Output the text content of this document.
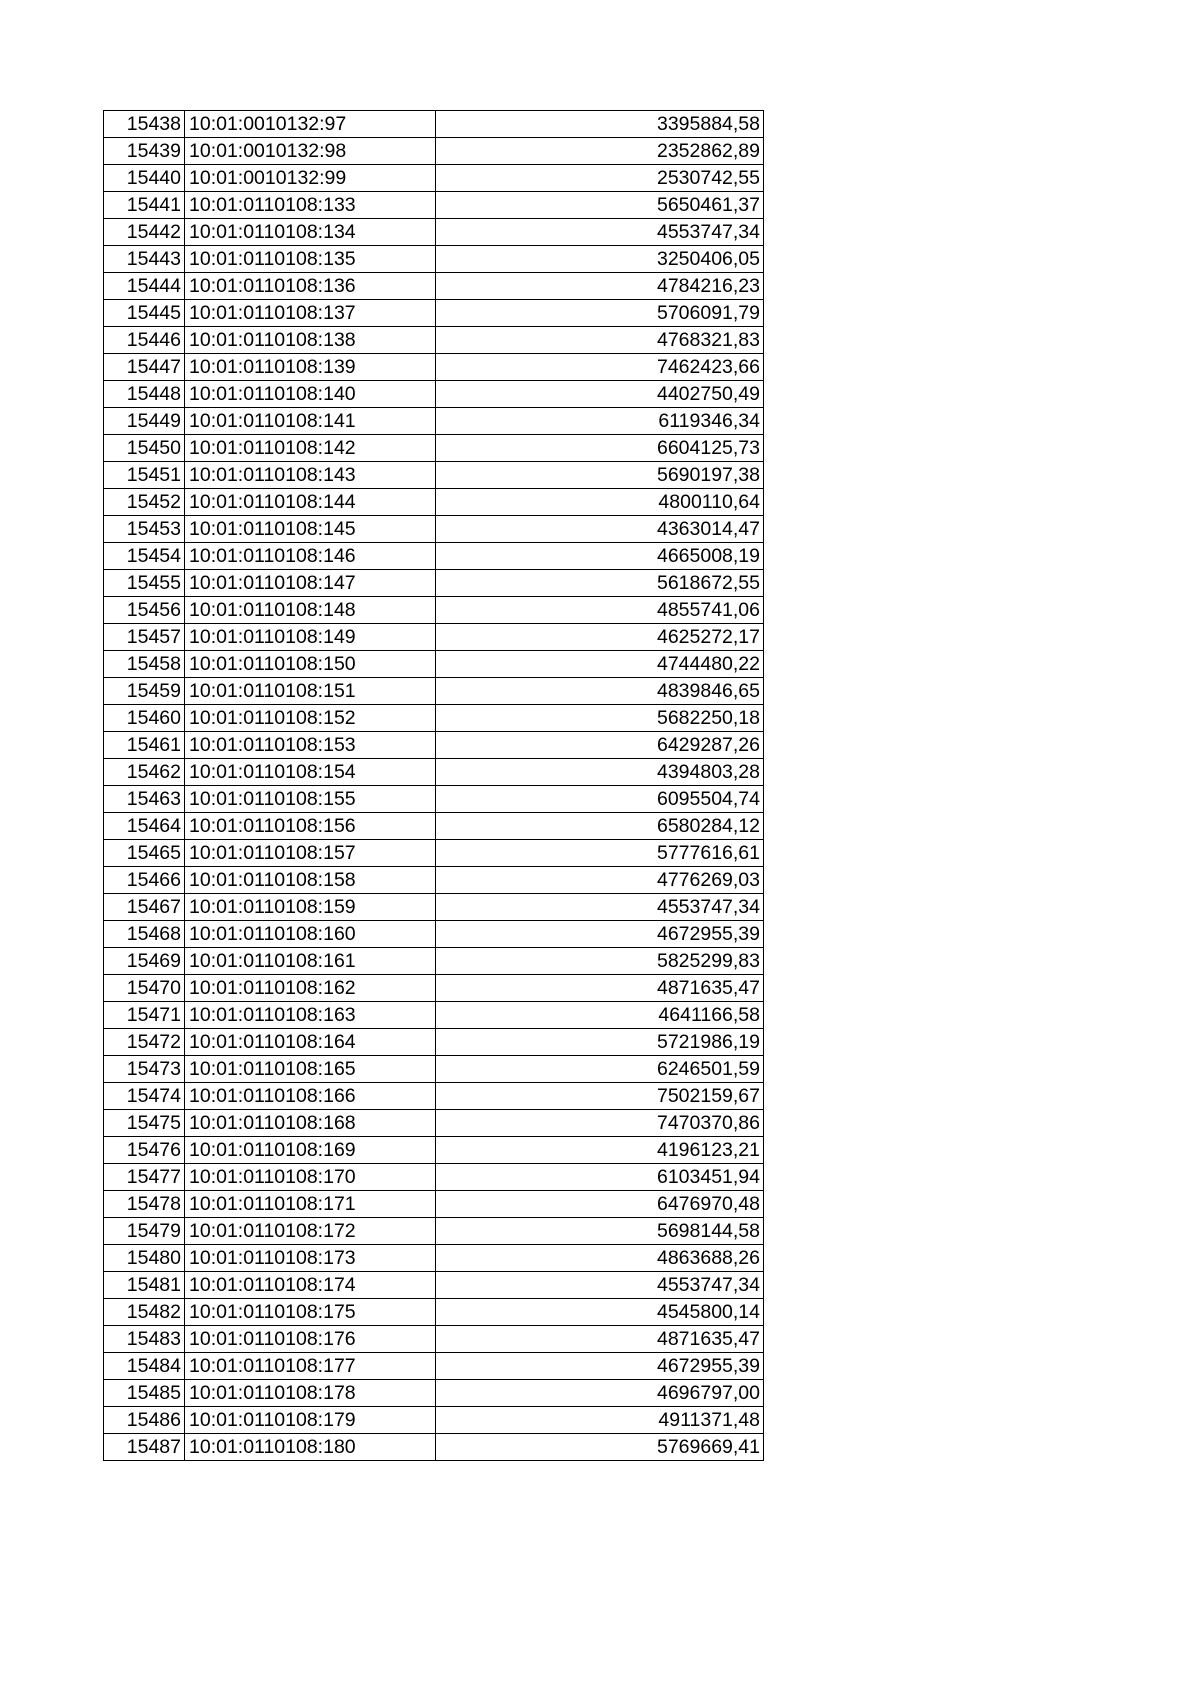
15438	10:01:0010132:97	3395884,58
15439	10:01:0010132:98	2352862,89
15440	10:01:0010132:99	2530742,55
15441	10:01:0110108:133	5650461,37
15442	10:01:0110108:134	4553747,34
15443	10:01:0110108:135	3250406,05
15444	10:01:0110108:136	4784216,23
15445	10:01:0110108:137	5706091,79
15446	10:01:0110108:138	4768321,83
15447	10:01:0110108:139	7462423,66
15448	10:01:0110108:140	4402750,49
15449	10:01:0110108:141	6119346,34
15450	10:01:0110108:142	6604125,73
15451	10:01:0110108:143	5690197,38
15452	10:01:0110108:144	4800110,64
15453	10:01:0110108:145	4363014,47
15454	10:01:0110108:146	4665008,19
15455	10:01:0110108:147	5618672,55
15456	10:01:0110108:148	4855741,06
15457	10:01:0110108:149	4625272,17
15458	10:01:0110108:150	4744480,22
15459	10:01:0110108:151	4839846,65
15460	10:01:0110108:152	5682250,18
15461	10:01:0110108:153	6429287,26
15462	10:01:0110108:154	4394803,28
15463	10:01:0110108:155	6095504,74
15464	10:01:0110108:156	6580284,12
15465	10:01:0110108:157	5777616,61
15466	10:01:0110108:158	4776269,03
15467	10:01:0110108:159	4553747,34
15468	10:01:0110108:160	4672955,39
15469	10:01:0110108:161	5825299,83
15470	10:01:0110108:162	4871635,47
15471	10:01:0110108:163	4641166,58
15472	10:01:0110108:164	5721986,19
15473	10:01:0110108:165	6246501,59
15474	10:01:0110108:166	7502159,67
15475	10:01:0110108:168	7470370,86
15476	10:01:0110108:169	4196123,21
15477	10:01:0110108:170	6103451,94
15478	10:01:0110108:171	6476970,48
15479	10:01:0110108:172	5698144,58
15480	10:01:0110108:173	4863688,26
15481	10:01:0110108:174	4553747,34
15482	10:01:0110108:175	4545800,14
15483	10:01:0110108:176	4871635,47
15484	10:01:0110108:177	4672955,39
15485	10:01:0110108:178	4696797,00
15486	10:01:0110108:179	4911371,48
15487	10:01:0110108:180	5769669,41
